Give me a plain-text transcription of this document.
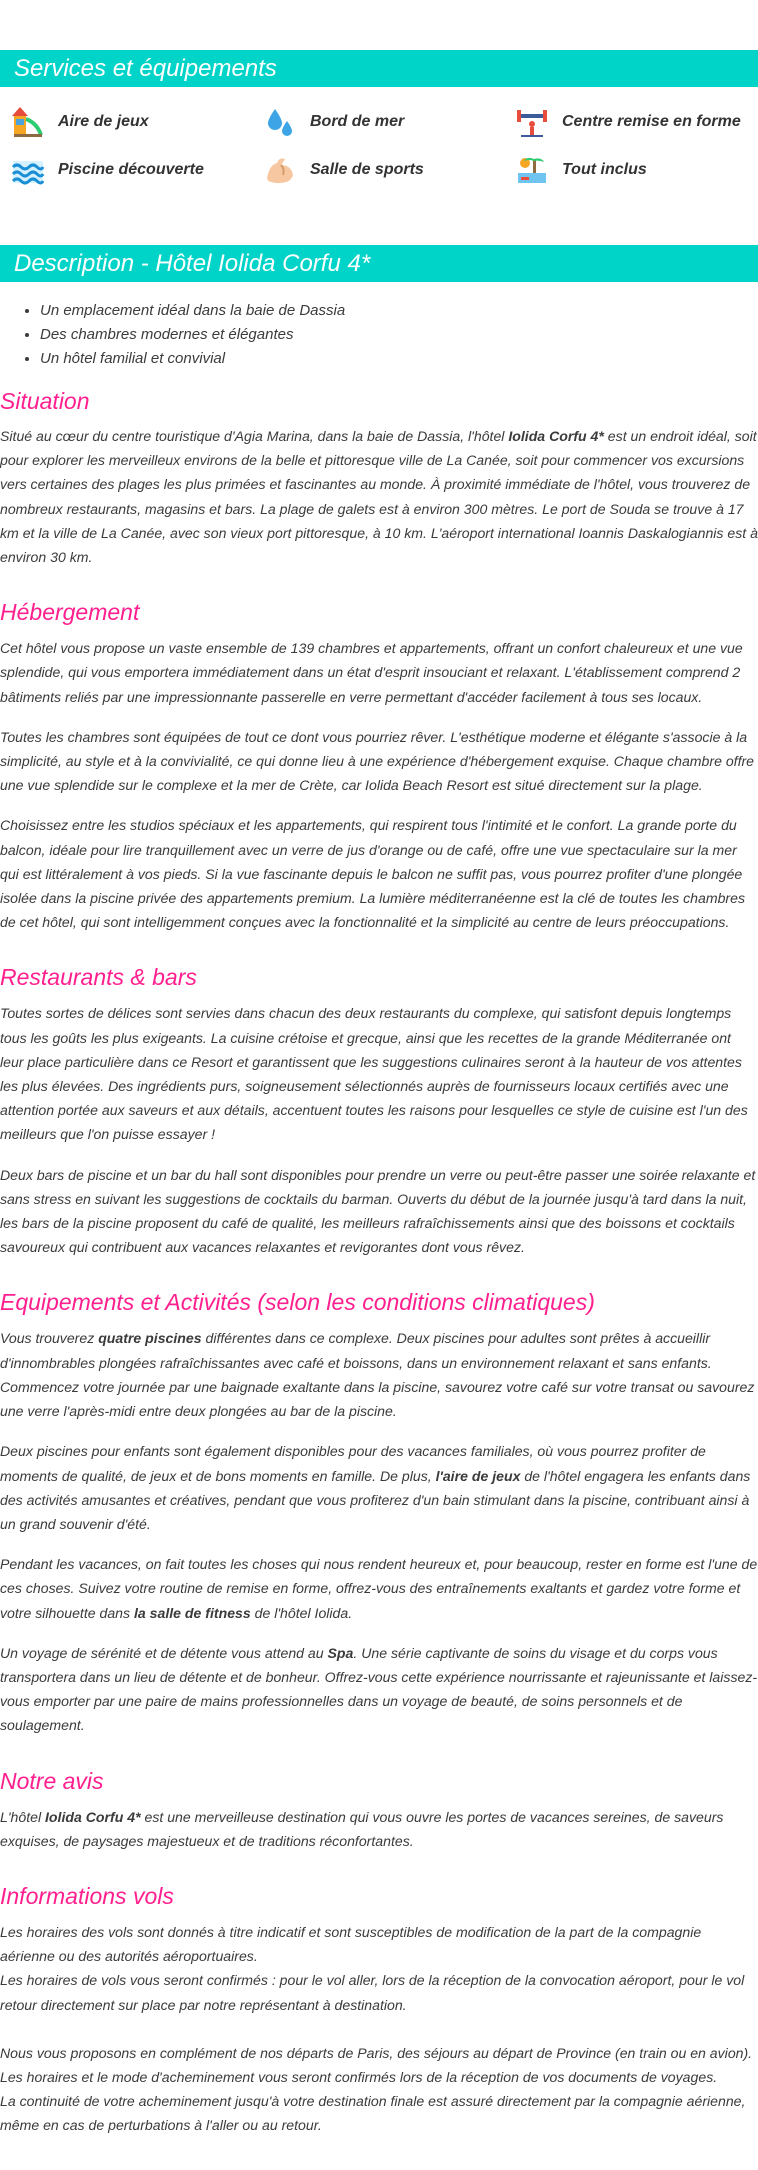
Services et équipements
Aire de jeux	Bord de mer	Centre remise en forme
Piscine découverte	Salle de sports	Tout inclus
Description - Hôtel Iolida Corfu 4*
• Un emplacement idéal dans la baie de Dassia
• Des chambres modernes et élégantes
• Un hôtel familial et convivial
Situation

Situé au cœur du centre touristique d'Agia Marina, dans la baie de Dassia, l'hôtel Iolida Corfu 4* est un endroit idéal, soit pour explorer les merveilleux environs de la belle et pittoresque ville de La Canée, soit pour commencer vos excursions vers certaines des plages les plus primées et fascinantes au monde. À proximité immédiate de l'hôtel, vous trouverez de nombreux restaurants, magasins et bars. La plage de galets est à environ 300 mètres. Le port de Souda se trouve à 17 km et la ville de La Canée, avec son vieux port pittoresque, à 10 km. L'aéroport international Ioannis Daskalogiannis est à environ 30 km.

Hébergement

Cet hôtel vous propose un vaste ensemble de 139 chambres et appartements, offrant un confort chaleureux et une vue splendide, qui vous emportera immédiatement dans un état d'esprit insouciant et relaxant. L'établissement comprend 2 bâtiments reliés par une impressionnante passerelle en verre permettant d'accéder facilement à tous ses locaux.

Toutes les chambres sont équipées de tout ce dont vous pourriez rêver. L'esthétique moderne et élégante s'associe à la simplicité, au style et à la convivialité, ce qui donne lieu à une expérience d'hébergement exquise. Chaque chambre offre une vue splendide sur le complexe et la mer de Crète, car Iolida Beach Resort est situé directement sur la plage.

Choisissez entre les studios spéciaux et les appartements, qui respirent tous l'intimité et le confort. La grande porte du balcon, idéale pour lire tranquillement avec un verre de jus d'orange ou de café, offre une vue spectaculaire sur la mer qui est littéralement à vos pieds. Si la vue fascinante depuis le balcon ne suffit pas, vous pourrez profiter d'une plongée isolée dans la piscine privée des appartements premium. La lumière méditerranéenne est la clé de toutes les chambres de cet hôtel, qui sont intelligemment conçues avec la fonctionnalité et la simplicité au centre de leurs préoccupations.

Restaurants & bars

Toutes sortes de délices sont servies dans chacun des deux restaurants du complexe, qui satisfont depuis longtemps tous les goûts les plus exigeants. La cuisine crétoise et grecque, ainsi que les recettes de la grande Méditerranée ont leur place particulière dans ce Resort et garantissent que les suggestions culinaires seront à la hauteur de vos attentes les plus élevées. Des ingrédients purs, soigneusement sélectionnés auprès de fournisseurs locaux certifiés avec une attention portée aux saveurs et aux détails, accentuent toutes les raisons pour lesquelles ce style de cuisine est l'un des meilleurs que l'on puisse essayer !

Deux bars de piscine et un bar du hall sont disponibles pour prendre un verre ou peut-être passer une soirée relaxante et sans stress en suivant les suggestions de cocktails du barman. Ouverts du début de la journée jusqu'à tard dans la nuit, les bars de la piscine proposent du café de qualité, les meilleurs rafraîchissements ainsi que des boissons et cocktails savoureux qui contribuent aux vacances relaxantes et revigorantes dont vous rêvez.

Equipements et Activités (selon les conditions climatiques)

Vous trouverez quatre piscines différentes dans ce complexe. Deux piscines pour adultes sont prêtes à accueillir d'innombrables plongées rafraîchissantes avec café et boissons, dans un environnement relaxant et sans enfants. Commencez votre journée par une baignade exaltante dans la piscine, savourez votre café sur votre transat ou savourez une verre l'après-midi entre deux plongées au bar de la piscine.

Deux piscines pour enfants sont également disponibles pour des vacances familiales, où vous pourrez profiter de moments de qualité, de jeux et de bons moments en famille. De plus, l'aire de jeux de l'hôtel engagera les enfants dans des activités amusantes et créatives, pendant que vous profiterez d'un bain stimulant dans la piscine, contribuant ainsi à un grand souvenir d'été.

Pendant les vacances, on fait toutes les choses qui nous rendent heureux et, pour beaucoup, rester en forme est l'une de ces choses. Suivez votre routine de remise en forme, offrez-vous des entraînements exaltants et gardez votre forme et votre silhouette dans la salle de fitness de l'hôtel Iolida.

Un voyage de sérénité et de détente vous attend au Spa. Une série captivante de soins du visage et du corps vous transportera dans un lieu de détente et de bonheur. Offrez-vous cette expérience nourrissante et rajeunissante et laissez-vous emporter par une paire de mains professionnelles dans un voyage de beauté, de soins personnels et de soulagement.

Notre avis

L'hôtel Iolida Corfu 4* est une merveilleuse destination qui vous ouvre les portes de vacances sereines, de saveurs exquises, de paysages majestueux et de traditions réconfortantes.

Informations vols

Les horaires des vols sont donnés à titre indicatif et sont susceptibles de modification de la part de la compagnie aérienne ou des autorités aéroportuaires.

Les horaires de vols vous seront confirmés : pour le vol aller, lors de la réception de la convocation aéroport, pour le vol retour directement sur place par notre représentant à destination.

Nous vous proposons en complément de nos départs de Paris, des séjours au départ de Province (en train ou en avion).

Les horaires et le mode d'acheminement vous seront confirmés lors de la réception de vos documents de voyages.

La continuité de votre acheminement jusqu'à votre destination finale est assuré directement par la compagnie aérienne, même en cas de perturbations à l'aller ou au retour.
